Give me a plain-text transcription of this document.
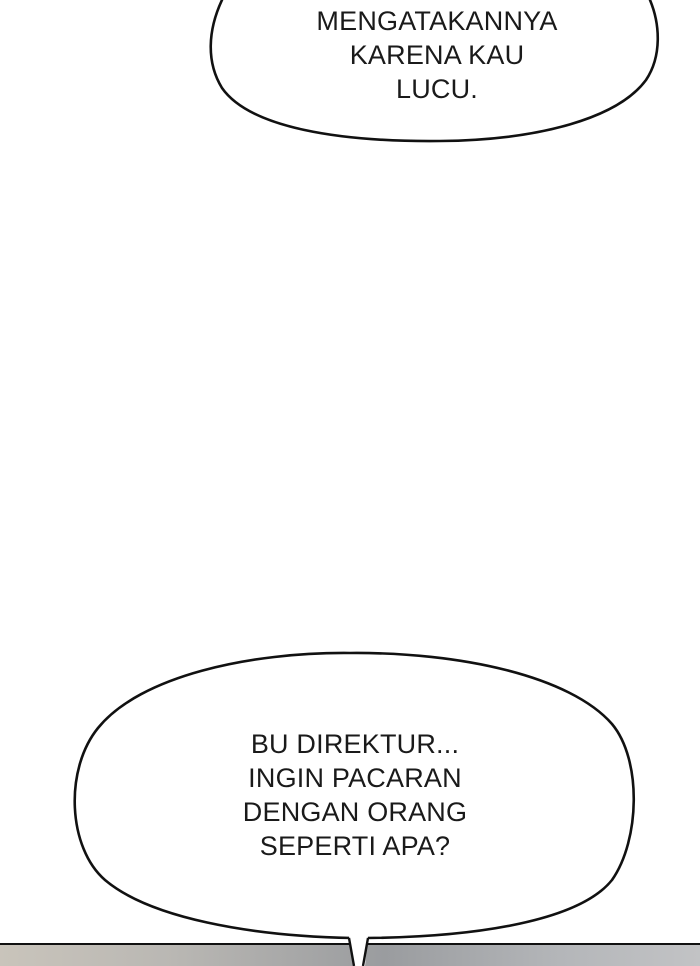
MENGATAKANNYA
KARENA KAU
LUCU.
BU DIREKTUR...
INGIN PACARAN
DENGAN ORANG
SEPERTI APA?
